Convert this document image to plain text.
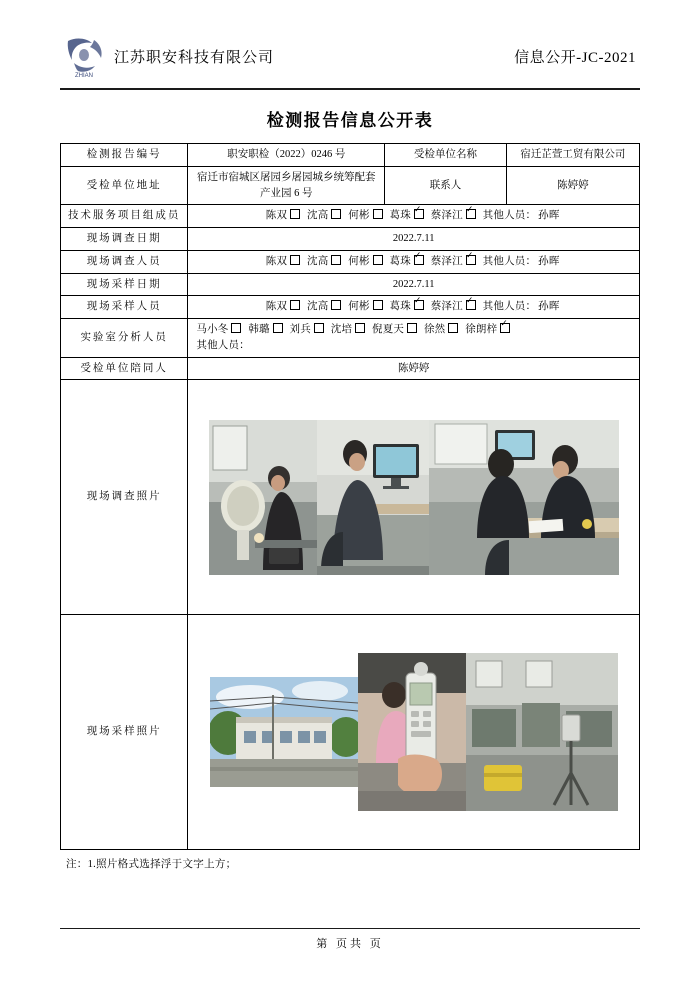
ZHIAN
江苏职安科技有限公司	信息公开-JC-2021
检测报告信息公开表
检测报告编号	职安职检（2022）0246 号	受检单位名称	宿迁芷萱工贸有限公司
受检单位地址	宿迁市宿城区屠园乡屠园城乡统筹配套产业园 6 号	联系人	陈婷婷
技术服务项目组成员	陈双 沈高 何彬 葛珠 ✓ 蔡泽江 ✓ 其他人员： 孙晖
现场调查日期	2022.7.11		
现场调查人员	陈双 沈高 何彬 葛珠 ✓ 蔡泽江 ✓ 其他人员： 孙晖
现场采样日期	2022.7.11		
现场采样人员	陈双 沈高 何彬 葛珠 ✓ 蔡泽江 ✓ 其他人员： 孙晖
实验室分析人员	马小冬 韩璐 刘兵 沈培 倪夏天 徐然 徐朗梓✓
其他人员：

受检单位陪同人	陈婷婷		
现场调查照片	

现场采样照片	
注：1.照片格式选择浮于文字上方；
第 页共 页
